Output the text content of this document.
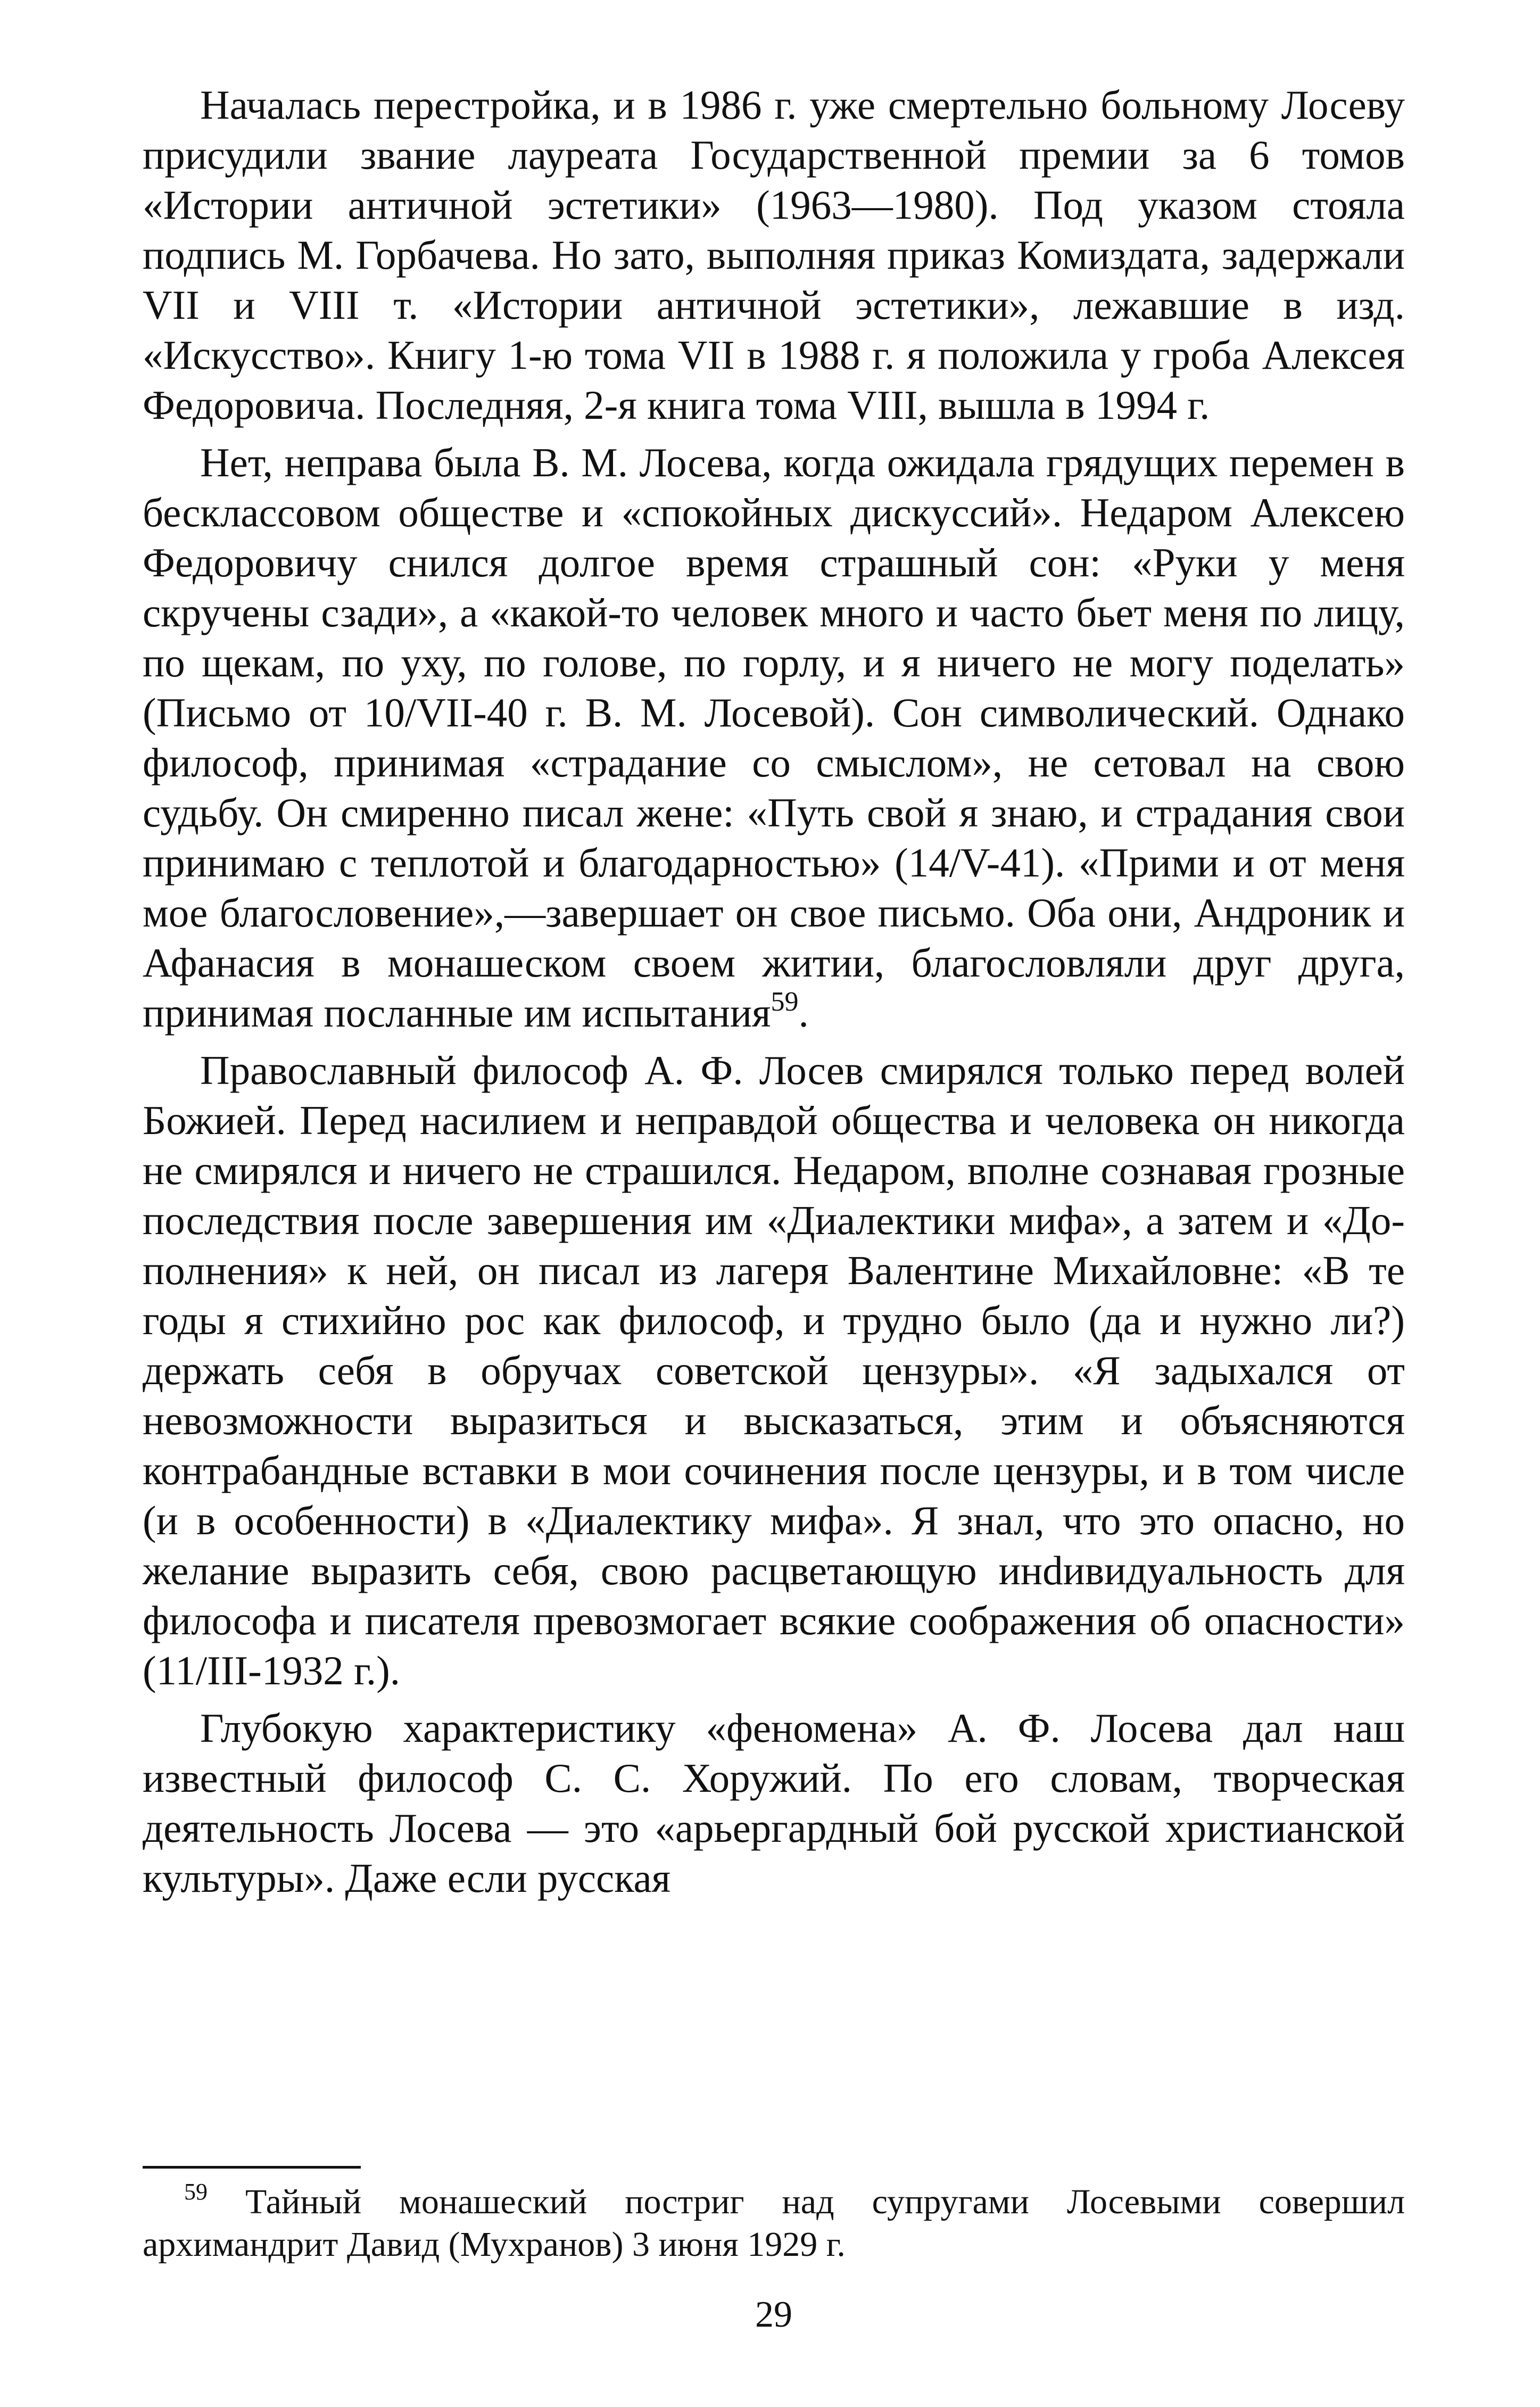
Началась перестройка, и в 1986 г. уже смертельно больному Лосеву присудили звание лауреата Государственной премии за 6 томов «Истории античной эстетики» (1963—1980). Под указом стояла подпись М. Горбачева. Но зато, выполняя приказ Комиздата, задержали VII и VIII т. «Истории античной эстетики», лежавшие в изд. «Искусство». Книгу 1-ю тома VII в 1988 г. я положила у гроба Алексея Федоровича. Последняя, 2-я книга тома VIII, вышла в 1994 г.

Нет, неправа была В. М. Лосева, когда ожидала грядущих перемен в бесклассовом обществе и «спокойных дискуссий». Недаром Алексею Федоровичу снился долгое время страшный сон: «Руки у меня скручены сзади», а «какой-то человек много и часто бьет меня по лицу, по щекам, по уху, по голове, по горлу, и я ничего не могу поделать» (Письмо от 10/VII-40 г. В. М. Лосевой). Сон символический. Однако философ, принимая «страдание со смыслом», не сетовал на свою судьбу. Он смиренно писал жене: «Путь свой я знаю, и страдания свои принимаю с теплотой и благодарностью» (14/V-41). «Прими и от меня мое благословение»,—завершает он свое письмо. Оба они, Андроник и Афанасия в монашеском своем житии, благословляли друг друга, принимая посланные им испытания$^{59}$.

Православный философ А. Ф. Лосев смирялся только перед волей Божией. Перед насилием и неправдой общества и человека он никогда не смирялся и ничего не страшился. Недаром, вполне сознавая грозные последствия после завершения им «Диалектики мифа», а затем и «Дополнения» к ней, он писал из лагеря Валентине Михайловне: «В те годы я стихийно рос как философ, и трудно было (да и нужно ли?) держать себя в обручах советской цензуры». «Я задыхался от невозможности выразиться и высказаться, этим и объясняются контрабандные вставки в мои сочинения после цензуры, и в том числе (и в особенности) в «Диалектику мифа». Я знал, что это опасно, но желание выразить себя, свою расцветающую инdивидуальность для философа и писателя превозмогает всякие соображения об опасности» (11/III-1932 г.).

Глубокую характеристику «феномена» А. Ф. Лосева дал наш известный философ С. С. Хоружий. По его словам, творческая деятельность Лосева — это «арьергардный бой русской христианской культуры». Даже если русская

$^{59}$ Тайный монашеский постриг над супругами Лосевыми совершил архимандрит Давид (Мухранов) 3 июня 1929 г.

29
